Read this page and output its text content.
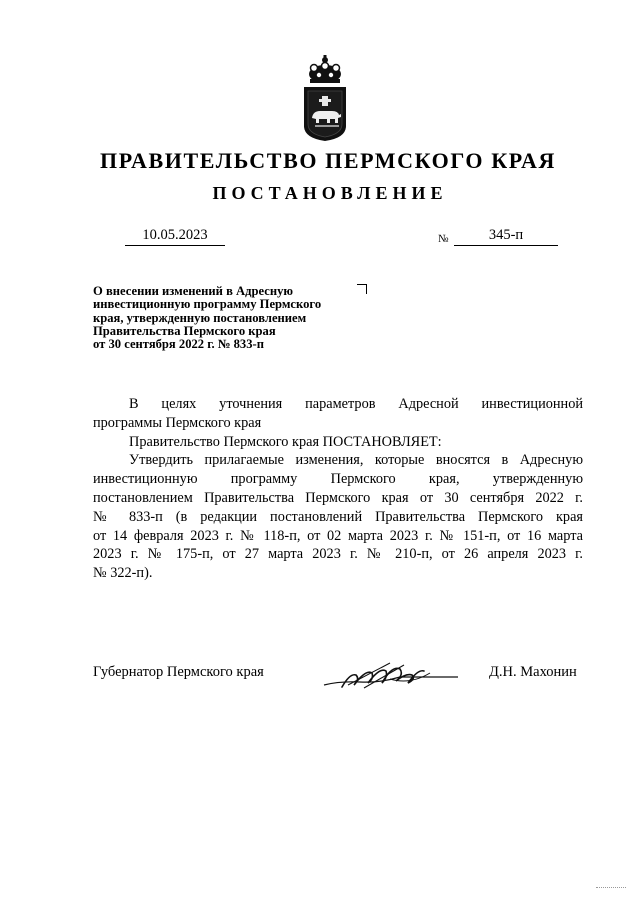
ПРАВИТЕЛЬСТВО ПЕРМСКОГО КРАЯ
ПОСТАНОВЛЕНИЕ
10.05.2023	№	345-п
О внесении изменений в Адресную
инвестиционную программу Пермского
края, утвержденную постановлением
Правительства Пермского края
от 30 сентября 2022 г. № 833-п
В целях уточнения параметров Адресной инвестиционной
программы Пермского края
Правительство Пермского края ПОСТАНОВЛЯЕТ:
Утвердить прилагаемые изменения, которые вносятся в Адресную
инвестиционную программу Пермского края, утвержденную
постановлением Правительства Пермского края от 30 сентября 2022 г.
№ 833-п (в редакции постановлений Правительства Пермского края
от 14 февраля 2023 г. № 118-п, от 02 марта 2023 г. № 151-п, от 16 марта
2023 г. № 175-п, от 27 марта 2023 г. № 210-п, от 26 апреля 2023 г.
№ 322-п).
Губернатор Пермского края	Д.Н. Махонин
